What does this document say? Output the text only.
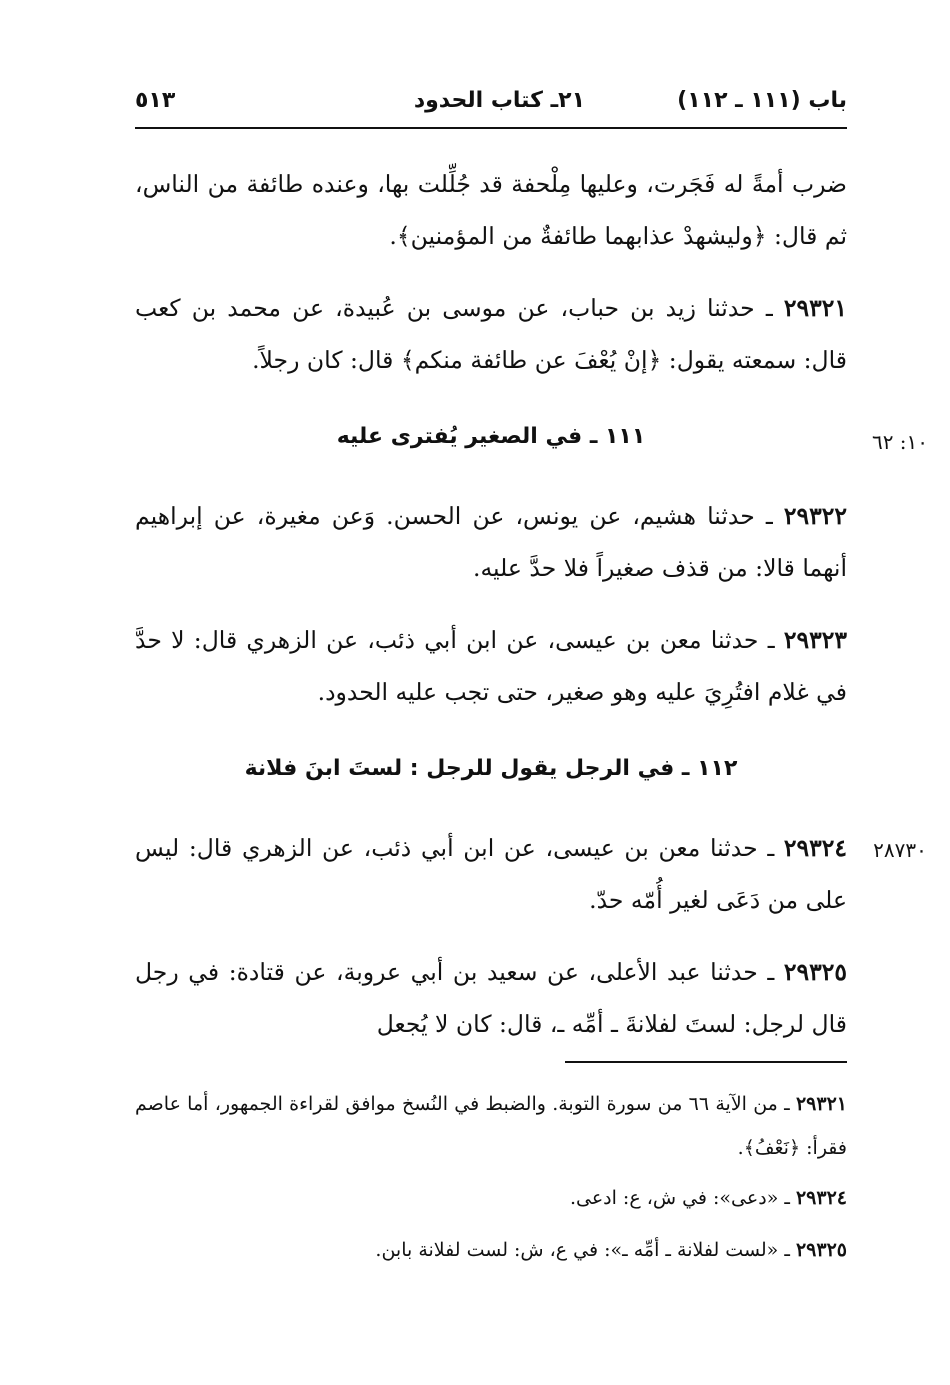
باب (١١١ ـ ١١٢)
٢١ـ كتاب الحدود
٥١٣

ضرب أمةً له فَجَرت، وعليها مِلْحفة قد جُلِّلت بها، وعنده طائفة من الناس، ثم قال: ﴿وليشهدْ عذابهما طائفةٌ من المؤمنين﴾.

٢٩٣٢١ ـ حدثنا زيد بن حباب، عن موسى بن عُبيدة، عن محمد بن كعب قال: سمعته يقول: ﴿إنْ يُعْفَ عن طائفة منكم﴾ قال: كان رجلاً.

١٠: ٦٢
١١١ ـ في الصغير يُفترى عليه

٢٩٣٢٢ ـ حدثنا هشيم، عن يونس، عن الحسن. وَعن مغيرة، عن إبراهيم أنهما قالا: من قذف صغيراً فلا حدَّ عليه.

٢٩٣٢٣ ـ حدثنا معن بن عيسى، عن ابن أبي ذئب، عن الزهري قال: لا حدَّ في غلام افتُرِيَ عليه وهو صغير، حتى تجب عليه الحدود.

١١٢ ـ في الرجل يقول للرجل : لستَ ابنَ فلانة
٢٨٧٣٠

٢٩٣٢٤ ـ حدثنا معن بن عيسى، عن ابن أبي ذئب، عن الزهري قال: ليس على من دَعَى لغير أُمّه حدّ.

٢٩٣٢٥ ـ حدثنا عبد الأعلى، عن سعيد بن أبي عروبة، عن قتادة: في رجل قال لرجل: لستَ لفلانةَ ـ أمِّه ـ، قال: كان لا يُجعل

٢٩٣٢١ ـ من الآية ٦٦ من سورة التوبة. والضبط في النُسخ موافق لقراءة الجمهور، أما عاصم فقرأ: ﴿نَعْفُ﴾.

٢٩٣٢٤ ـ «دعى»: في ش، ع: ادعى.

٢٩٣٢٥ ـ «لست لفلانة ـ أمِّه ـ»: في ع، ش: لست لفلانة بابن.
